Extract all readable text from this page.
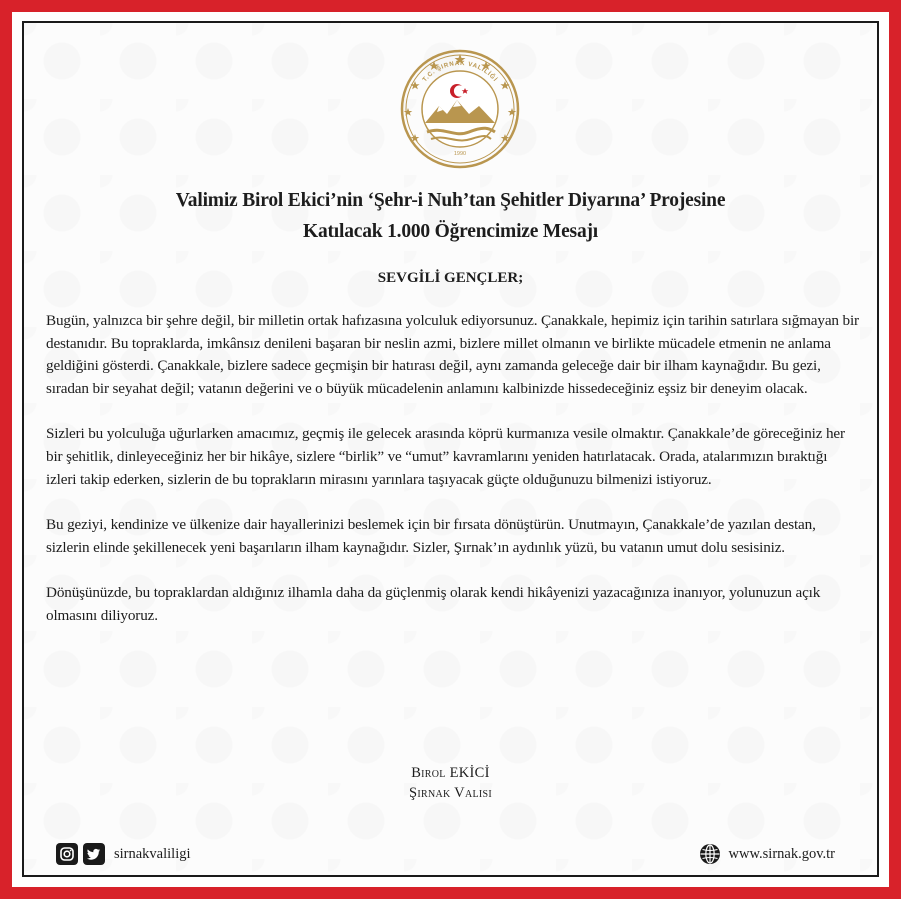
T.C. ŞIRNAK VALİLİĞİ
1990
Valimiz Birol Ekici’nin ‘Şehr-i Nuh’tan Şehitler Diyarına’ Projesine
Katılacak 1.000 Öğrencimize Mesajı
SEVGİLİ GENÇLER;

Bugün, yalnızca bir şehre değil, bir milletin ortak hafızasına yolculuk ediyorsunuz. Çanakkale, hepimiz için tarihin satırlara sığmayan bir destanıdır. Bu topraklarda, imkânsız denileni başaran bir neslin azmi, bizlere millet olmanın ve birlikte mücadele etmenin ne anlama geldiğini gösterdi. Çanakkale, bizlere sadece geçmişin bir hatırası değil, aynı zamanda geleceğe dair bir ilham kaynağıdır. Bu gezi, sıradan bir seyahat değil; vatanın değerini ve o büyük mücadelenin anlamını kalbinizde hissedeceğiniz eşsiz bir deneyim olacak.

Sizleri bu yolculuğa uğurlarken amacımız, geçmiş ile gelecek arasında köprü kurmanıza vesile olmaktır. Çanakkale’de göreceğiniz her bir şehitlik, dinleyeceğiniz her bir hikâye, sizlere “birlik” ve “umut” kavramlarını yeniden hatırlatacak. Orada, atalarımızın bıraktığı izleri takip ederken, sizlerin de bu toprakların mirasını yarınlara taşıyacak güçte olduğunuzu bilmenizi istiyoruz.

Bu geziyi, kendinize ve ülkenize dair hayallerinizi beslemek için bir fırsata dönüştürün. Unutmayın, Çanakkale’de yazılan destan, sizlerin elinde şekillenecek yeni başarıların ilham kaynağıdır. Sizler, Şırnak’ın aydınlık yüzü, bu vatanın umut dolu sesisiniz.

Dönüşünüzde, bu topraklardan aldığınız ilhamla daha da güçlenmiş olarak kendi hikâyenizi yazacağınıza inanıyor, yolunuzun açık olmasını diliyoruz.

Birol EKİCİ
Şırnak Valisi
sirnakvaliligi	www.sirnak.gov.tr
